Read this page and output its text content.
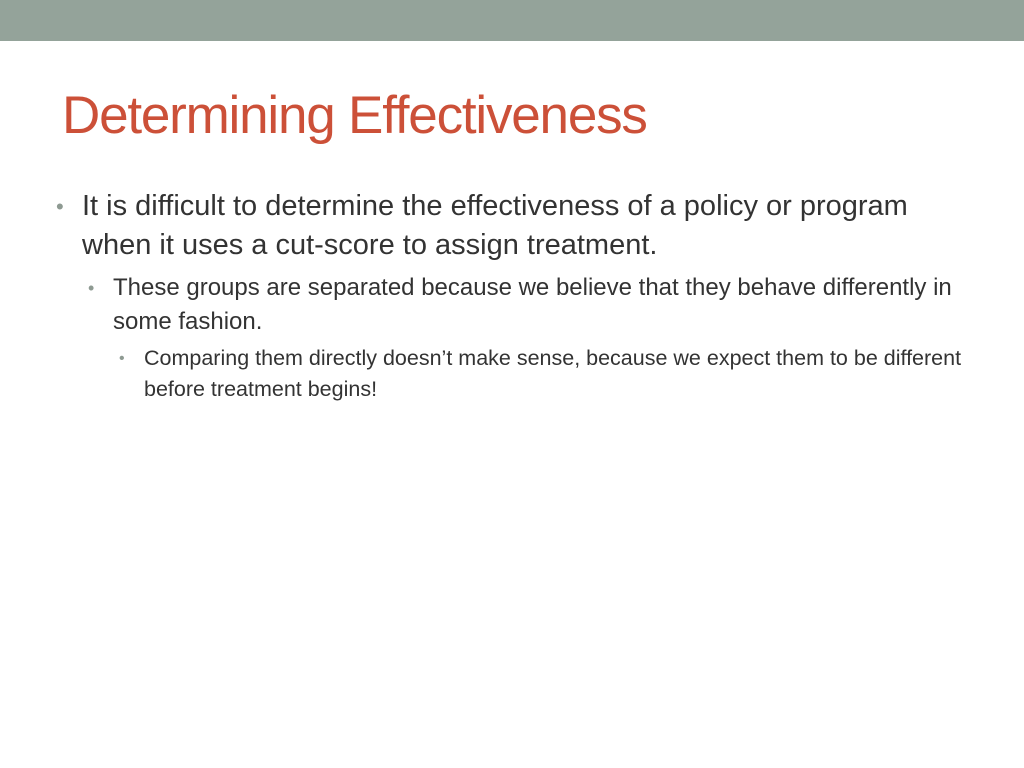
Determining Effectiveness

• It is difficult to determine the effectiveness of a policy or program when it uses a cut-score to assign treatment.

• These groups are separated because we believe that they behave differently in some fashion.

• Comparing them directly doesn’t make sense, because we expect them to be different before treatment begins!
